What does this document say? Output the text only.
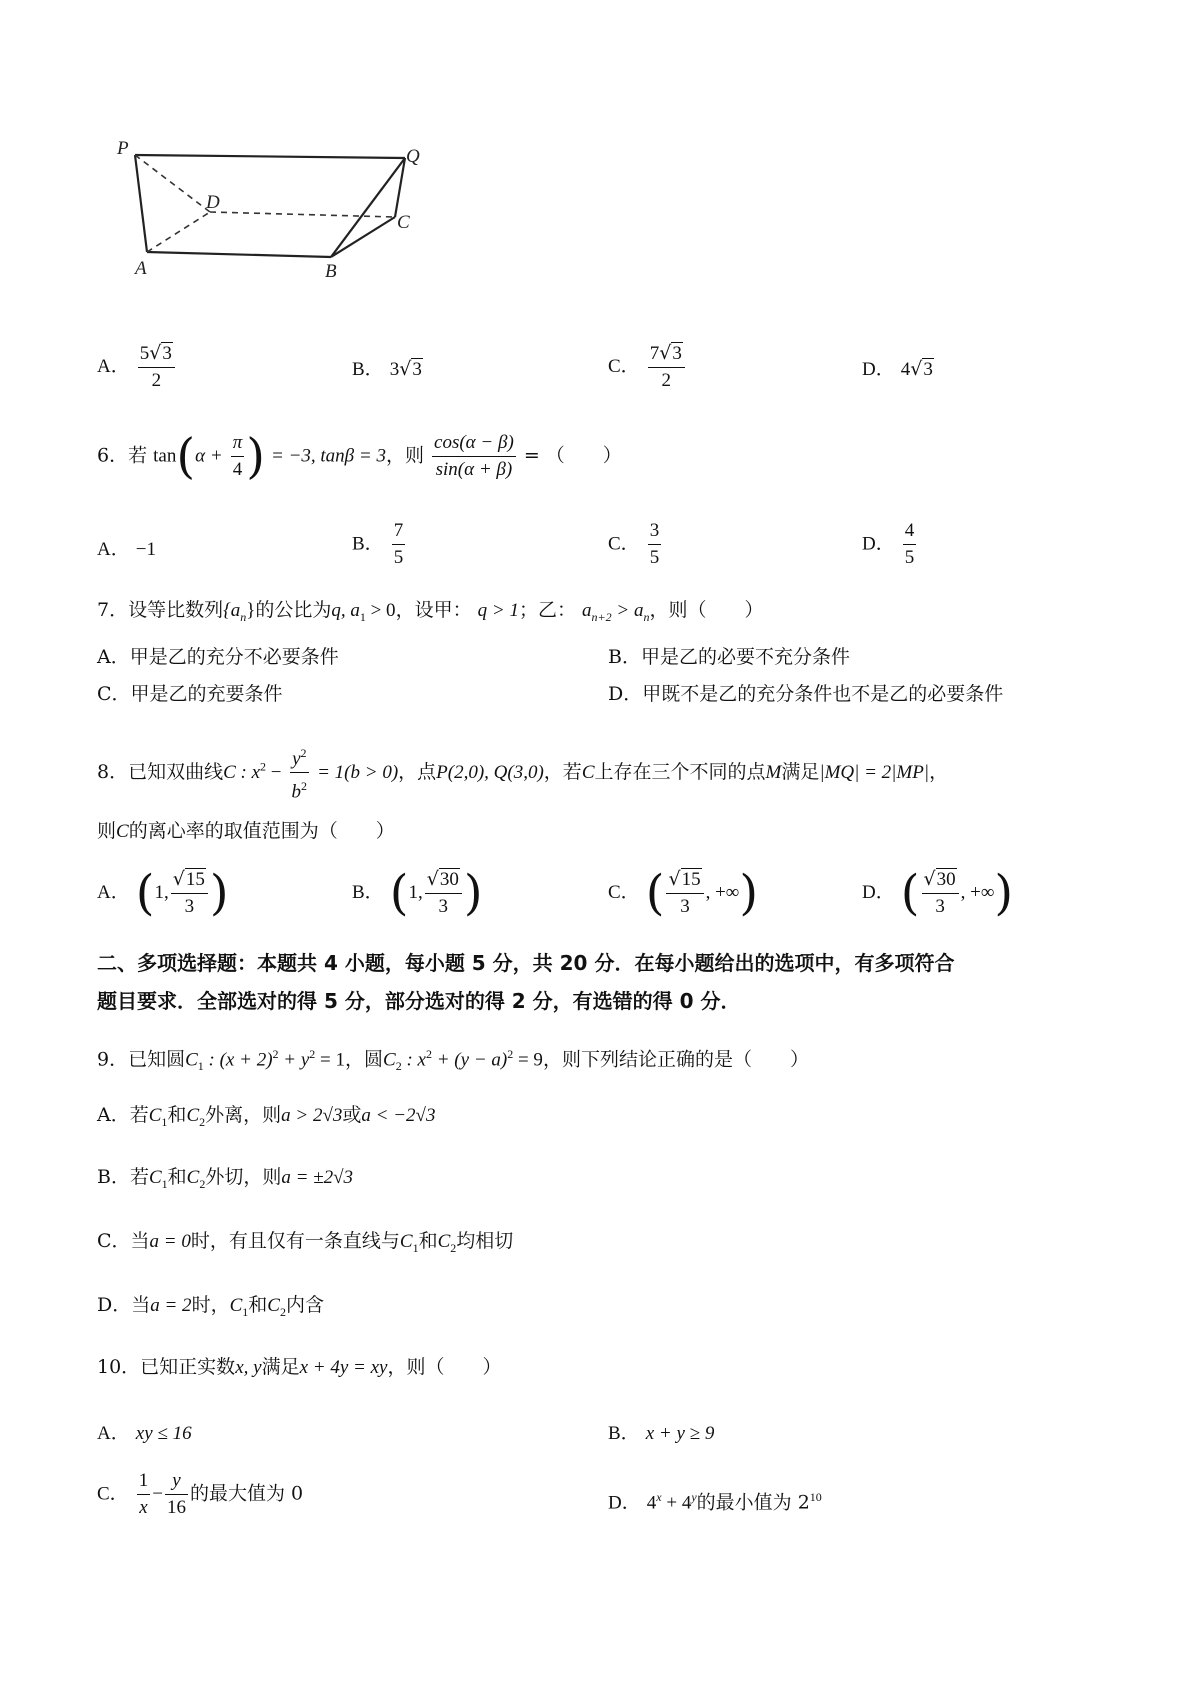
P	Q
D
C
A	B
A． $\frac{5√3}{2}$	B． 3√3	C． $\frac{7√3}{2}$	D． 4√3
6．若 $\tan(\alpha + \frac{\pi}{4}$ ) = −3, tanβ = 3，则 $\frac{\cos(\alpha - \beta)}{\sin(\alpha + \beta)}$ = （　　）
A． −1	B． $\frac{7}{5}$	C． $\frac{3}{5}$	D． $\frac{4}{5}$
7．设等比数列$\{a_n\}$的公比为q, $a_1 > 0$，设甲： q > 1；乙： $a_{n+2} > a_n$，则（　　）
A．甲是乙的充分不必要条件	B．甲是乙的必要不充分条件
C．甲是乙的充要条件	D．甲既不是乙的充分条件也不是乙的必要条件
8．已知双曲线C : $x^2 - \frac{y^2}{b^2} = 1(b > 0)$，点P(2,0), Q(3,0)，若C上存在三个不同的点M满足|MQ| = 2|MP|，
则C的离心率的取值范围为（　　）
A． (1, $\frac{√15}{3}$ )	B． (1, $\frac{√30}{3}$ )	C． ( $\frac{√15}{3}$ , +∞)	D． ( $\frac{√30}{3}$ , +∞)
二、多项选择题：本题共 4 小题，每小题 5 分，共 20 分．在每小题给出的选项中，有多项符合
题目要求．全部选对的得 5 分，部分选对的得 2 分，有选错的得 0 分．
9．已知圆$C_1$ : $(x + 2)^2 + y^2 = 1$，圆$C_2$ : $x^2 + (y - a)^2 = 9$，则下列结论正确的是（　　）
A．若$C_1$和$C_2$外离，则a > 2√3或a < −2√3
B．若$C_1$和$C_2$外切，则a = ±2√3
C．当a = 0时，有且仅有一条直线与$C_1$和$C_2$均相切
D．当a = 2时，$C_1$和$C_2$内含
10．已知正实数x, y满足x + 4y = xy，则（　　）
A． xy ≤ 16	B． x + y ≥ 9
C． $\frac{1}{x} - \frac{y}{16}$ 的最大值为 0	D． $4^x + 4^y$的最小值为 $2^{10}$
